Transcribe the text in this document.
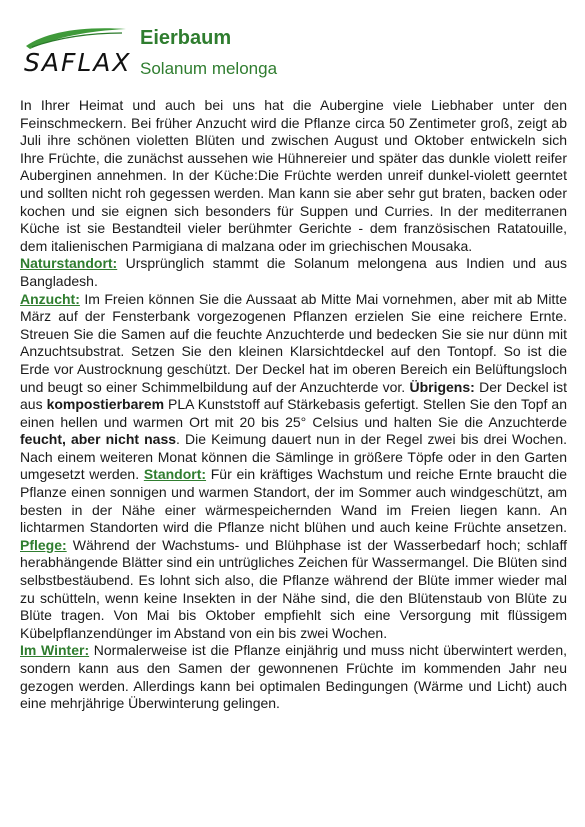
SAFLAX
Eierbaum
Solanum melonga

In Ihrer Heimat und auch bei uns hat die Aubergine viele Liebhaber unter den Feinschmeckern. Bei früher Anzucht wird die Pflanze circa 50 Zentimeter groß, zeigt ab Juli ihre schönen violetten Blüten und zwischen August und Oktober entwickeln sich Ihre Früchte, die zunächst aussehen wie Hühnereier und später das dunkle violett reifer Auberginen annehmen. In der Küche:Die Früchte werden unreif dunkel-violett geerntet und sollten nicht roh gegessen werden. Man kann sie aber sehr gut braten, backen oder kochen und sie eignen sich besonders für Suppen und Curries. In der mediterranen Küche ist sie Bestandteil vieler berühmter Gerichte - dem französischen Ratatouille, dem italienischen Parmigiana di malzana oder im griechischen Mousaka.

Naturstandort: Ursprünglich stammt die Solanum melongena aus Indien und aus Bangladesh.

Anzucht: Im Freien können Sie die Aussaat ab Mitte Mai vornehmen, aber mit ab Mitte März auf der Fensterbank vorgezogenen Pflanzen erzielen Sie eine reichere Ernte. Streuen Sie die Samen auf die feuchte Anzuchterde und bedecken Sie sie nur dünn mit Anzuchtsubstrat. Setzen Sie den kleinen Klarsichtdeckel auf den Tontopf. So ist die Erde vor Austrocknung geschützt. Der Deckel hat im oberen Bereich ein Belüftungsloch und beugt so einer Schimmelbildung auf der Anzuchterde vor. Übrigens: Der Deckel ist aus kompostierbarem PLA Kunststoff auf Stärkebasis gefertigt. Stellen Sie den Topf an einen hellen und warmen Ort mit 20 bis 25° Celsius und halten Sie die Anzuchterde feucht, aber nicht nass. Die Keimung dauert nun in der Regel zwei bis drei Wochen. Nach einem weiteren Monat können die Sämlinge in größere Töpfe oder in den Garten umgesetzt werden. Standort: Für ein kräftiges Wachstum und reiche Ernte braucht die Pflanze einen sonnigen und warmen Standort, der im Sommer auch windgeschützt, am besten in der Nähe einer wärmespeichernden Wand im Freien liegen kann. An lichtarmen Standorten wird die Pflanze nicht blühen und auch keine Früchte ansetzen. Pflege: Während der Wachstums- und Blühphase ist der Wasserbedarf hoch; schlaff herabhängende Blätter sind ein untrügliches Zeichen für Wassermangel. Die Blüten sind selbstbestäubend. Es lohnt sich also, die Pflanze während der Blüte immer wieder mal zu schütteln, wenn keine Insekten in der Nähe sind, die den Blütenstaub von Blüte zu Blüte tragen. Von Mai bis Oktober empfiehlt sich eine Versorgung mit flüssigem Kübelpflanzendünger im Abstand von ein bis zwei Wochen.

Im Winter: Normalerweise ist die Pflanze einjährig und muss nicht überwintert werden, sondern kann aus den Samen der gewonnenen Früchte im kommenden Jahr neu gezogen werden. Allerdings kann bei optimalen Bedingungen (Wärme und Licht) auch eine mehrjährige Überwinterung gelingen.
